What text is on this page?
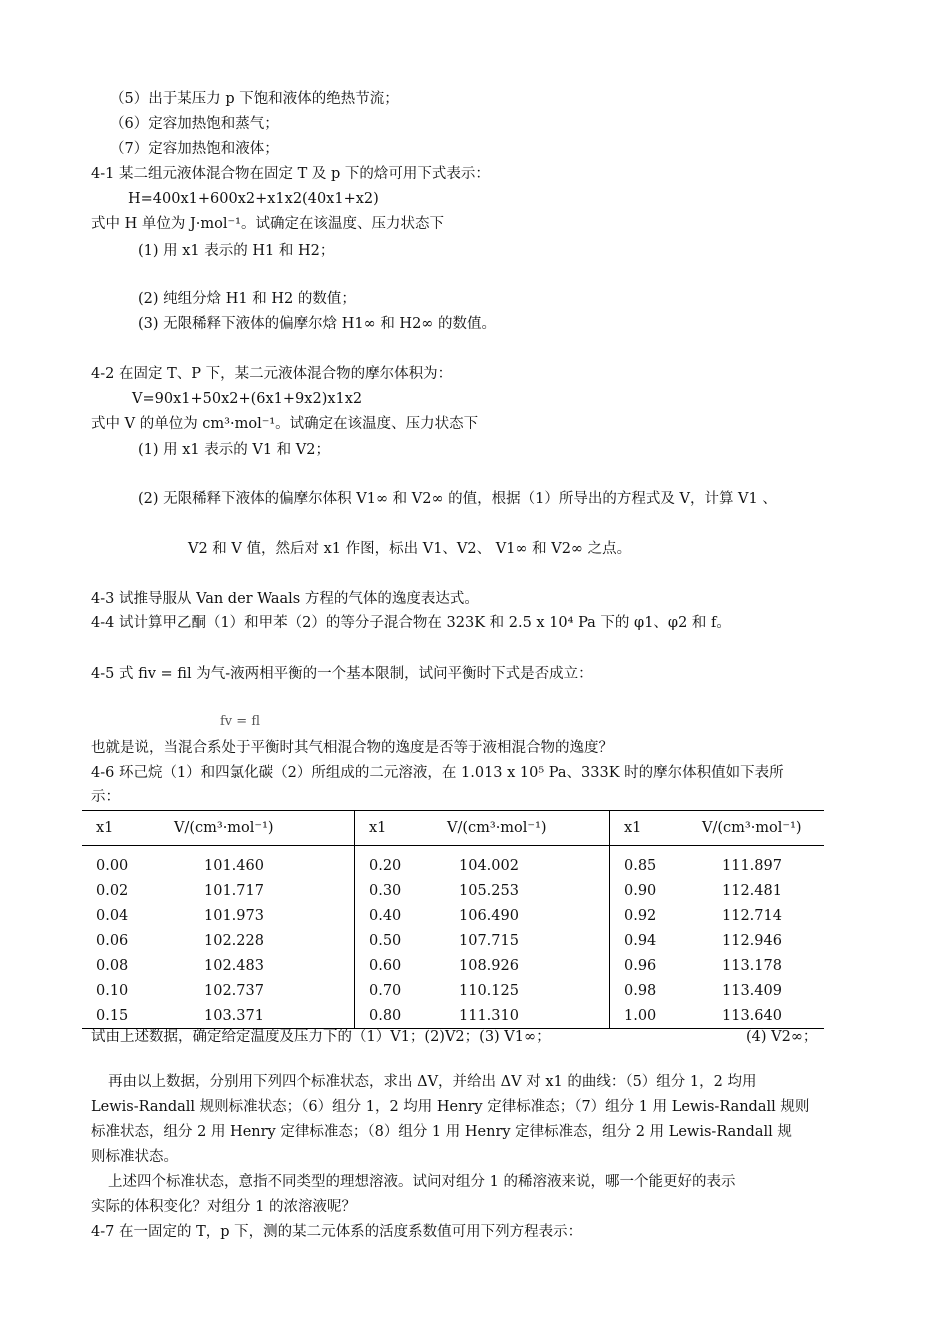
（5）出于某压力 p 下饱和液体的绝热节流；
（6）定容加热饱和蒸气；
（7）定容加热饱和液体；
4-1 某二组元液体混合物在固定 T 及 p 下的焓可用下式表示：
H=400x1+600x2+x1x2(40x1+x2)
式中 H 单位为 J·mol⁻¹。试确定在该温度、压力状态下
(1) 用 x1 表示的 H1 和 H2；
(2) 纯组分焓 H1 和 H2 的数值；
(3) 无限稀释下液体的偏摩尔焓 H1∞ 和 H2∞ 的数值。
4-2 在固定 T、P 下，某二元液体混合物的摩尔体积为：
V=90x1+50x2+(6x1+9x2)x1x2
式中 V 的单位为 cm³·mol⁻¹。试确定在该温度、压力状态下
(1) 用 x1 表示的 V1 和 V2；
(2) 无限稀释下液体的偏摩尔体积 V1∞ 和 V2∞ 的值，根据（1）所导出的方程式及 V，计算 V1 、
V2 和 V 值，然后对 x1 作图，标出 V1、V2、 V1∞ 和 V2∞ 之点。
4-3 试推导服从 Van der Waals 方程的气体的逸度表达式。
4-4 试计算甲乙酮（1）和甲苯（2）的等分子混合物在 323K 和 2.5 x 10⁴ Pa 下的 φ1、φ2 和 f。
4-5 式 fiv = fil 为气-液两相平衡的一个基本限制，试问平衡时下式是否成立：
fv = fl
也就是说，当混合系处于平衡时其气相混合物的逸度是否等于液相混合物的逸度？
4-6 环己烷（1）和四氯化碳（2）所组成的二元溶液，在 1.013 x 10⁵ Pa、333K 时的摩尔体积值如下表所
示：
x1	V/(cm³·mol⁻¹)	x1	V/(cm³·mol⁻¹)	x1	V/(cm³·mol⁻¹)
0.00	101.460	0.20	104.002	0.85	111.897
0.02	101.717	0.30	105.253	0.90	112.481
0.04	101.973	0.40	106.490	0.92	112.714
0.06	102.228	0.50	107.715	0.94	112.946
0.08	102.483	0.60	108.926	0.96	113.178
0.10	102.737	0.70	110.125	0.98	113.409
0.15	103.371	0.80	111.310	1.00	113.640
试由上述数据，确定给定温度及压力下的（1）V1；(2)V2；(3) V1∞；	(4) V2∞；
再由以上数据，分别用下列四个标准状态，求出 ΔV，并给出 ΔV 对 x1 的曲线：（5）组分 1，2 均用
Lewis-Randall 规则标准状态；（6）组分 1，2 均用 Henry 定律标准态；（7）组分 1 用 Lewis-Randall 规则
标准状态，组分 2 用 Henry 定律标准态；（8）组分 1 用 Henry 定律标准态，组分 2 用 Lewis-Randall 规
则标准状态。
上述四个标准状态，意指不同类型的理想溶液。试问对组分 1 的稀溶液来说，哪一个能更好的表示
实际的体积变化？对组分 1 的浓溶液呢？
4-7 在一固定的 T，p 下，测的某二元体系的活度系数值可用下列方程表示：
